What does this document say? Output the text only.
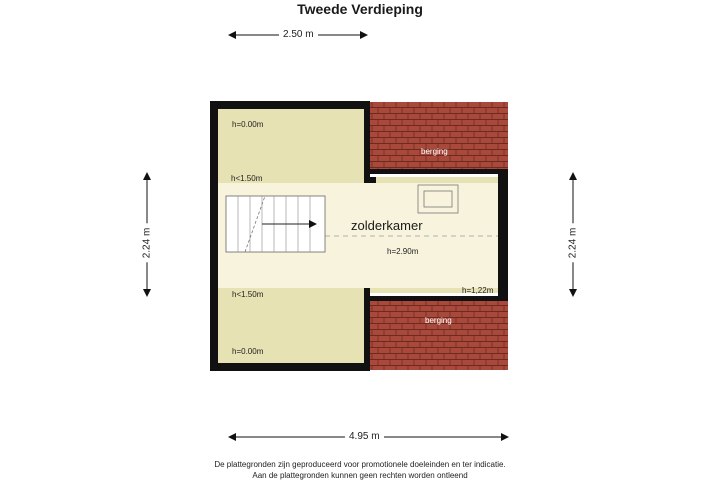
Tweede Verdieping
2.50 m
4.95 m
2.24 m	2.24 m
zolderkamer
h=2.90m
h=0.00m
h<1.50m
h<1.50m
h=0.00m
h=1,22m
berging
berging
De plattegronden zijn geproduceerd voor promotionele doeleinden en ter indicatie.
Aan de plattegronden kunnen geen rechten worden ontleend
